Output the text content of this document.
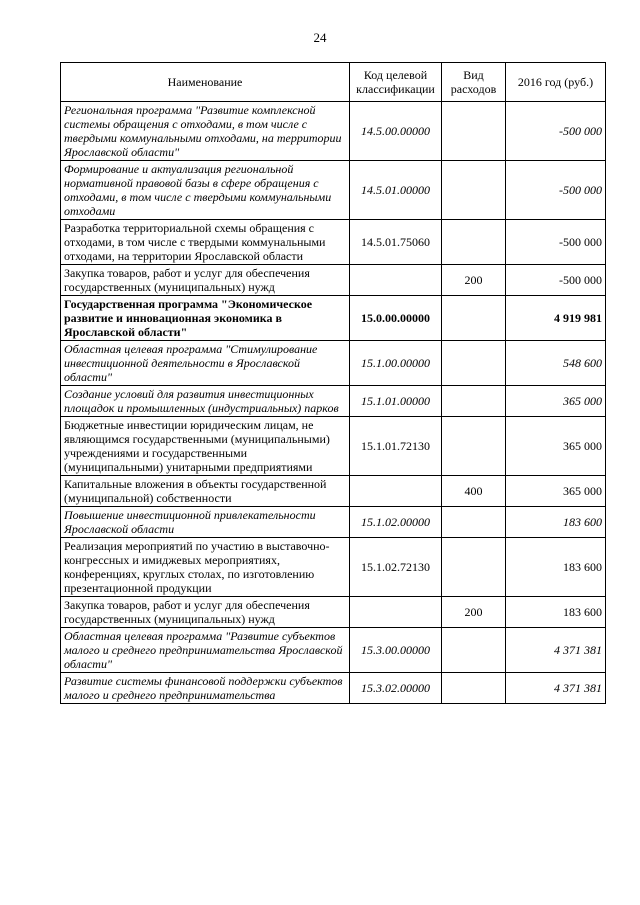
24
Наименование	Код целевой классификации	Вид расходов	2016 год (руб.)
Региональная программа "Развитие комплексной системы обращения с отходами, в том числе с твердыми коммунальными отходами, на территории Ярославской области"	14.5.00.00000		-500 000
Формирование и актуализация региональной нормативной правовой базы в сфере обращения с отходами, в том числе с твердыми коммунальными отходами	14.5.01.00000		-500 000
Разработка территориальной схемы обращения с отходами, в том числе с твердыми коммунальными отходами, на территории Ярославской области	14.5.01.75060		-500 000
Закупка товаров, работ и услуг для обеспечения государственных (муниципальных) нужд		200	-500 000
Государственная программа "Экономическое развитие и инновационная экономика в Ярославской области"	15.0.00.00000		4 919 981
Областная целевая программа "Стимулирование инвестиционной деятельности в Ярославской области"	15.1.00.00000		548 600
Создание условий для развития инвестиционных площадок и промышленных (индустриальных) парков	15.1.01.00000		365 000
Бюджетные инвестиции юридическим лицам, не являющимся государственными (муниципальными) учреждениями и государственными (муниципальными) унитарными предприятиями	15.1.01.72130		365 000
Капитальные вложения в объекты государственной (муниципальной) собственности		400	365 000
Повышение инвестиционной привлекательности Ярославской области	15.1.02.00000		183 600
Реализация мероприятий по участию в выставочно-конгрессных и имиджевых мероприятиях, конференциях, круглых столах, по изготовлению презентационной продукции	15.1.02.72130		183 600
Закупка товаров, работ и услуг для обеспечения государственных (муниципальных) нужд		200	183 600
Областная целевая программа "Развитие субъектов малого и среднего предпринимательства Ярославской области"	15.3.00.00000		4 371 381
Развитие системы финансовой поддержки субъектов малого и среднего предпринимательства	15.3.02.00000		4 371 381
